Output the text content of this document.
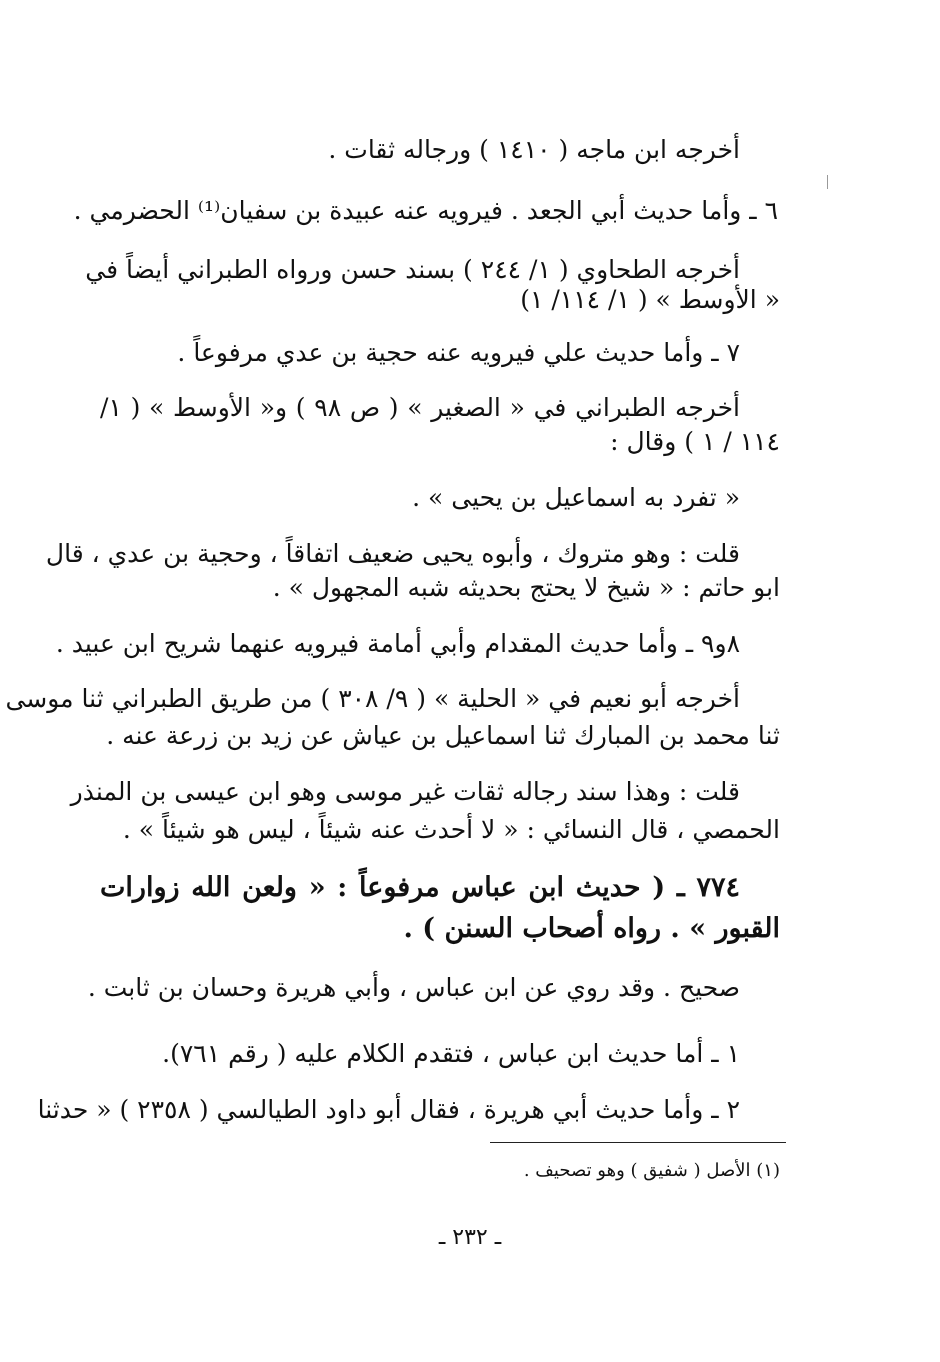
أخرجه ابن ماجه ( ١٤١٠ ) ورجاله ثقات .
٦ ـ وأما حديث أبي الجعد . فيرويه عنه عبيدة بن سفيان⁽¹⁾ الحضرمي .
أخرجه الطحاوي ( ١/ ٢٤٤ ) بسند حسن ورواه الطبراني أيضاً في
« الأوسط » ( ١/ ١١٤/ ١)
٧ ـ وأما حديث علي فيرويه عنه حجية بن عدي مرفوعاً .
أخرجه الطبراني في « الصغير » ( ص ٩٨ ) و« الأوسط » ( ١/
١١٤ / ١ ) وقال :
« تفرد به اسماعيل بن يحيى » .
قلت : وهو متروك ، وأبوه يحيى ضعيف اتفاقاً ، وحجية بن عدي ، قال
ابو حاتم : « شيخ لا يحتج بحديثه شبه المجهول » .
٨و٩ ـ وأما حديث المقدام وأبي أمامة فيرويه عنهما شريح ابن عبيد .
أخرجه أبو نعيم في « الحلية » ( ٩/ ٣٠٨ ) من طريق الطبراني ثنا موسى
ثنا محمد بن المبارك ثنا اسماعيل بن عياش عن زيد بن زرعة عنه .
قلت : وهذا سند رجاله ثقات غير موسى وهو ابن عيسى بن المنذر
الحمصي ، قال النسائي : « لا أحدث عنه شيئاً ، ليس هو شيئاً » .
٧٧٤ ـ ( حديث ابن عباس مرفوعاً : « ولعن الله زوارات
القبور » . رواه أصحاب السنن ) .
صحيح . وقد روي عن ابن عباس ، وأبي هريرة وحسان بن ثابت .
١ ـ أما حديث ابن عباس ، فتقدم الكلام عليه ( رقم ٧٦١).
٢ ـ وأما حديث أبي هريرة ، فقال أبو داود الطيالسي ( ٢٣٥٨ ) « حدثنا
(١) الأصل ( شفيق ) وهو تصحيف .
ـ ٢٣٢ ـ
